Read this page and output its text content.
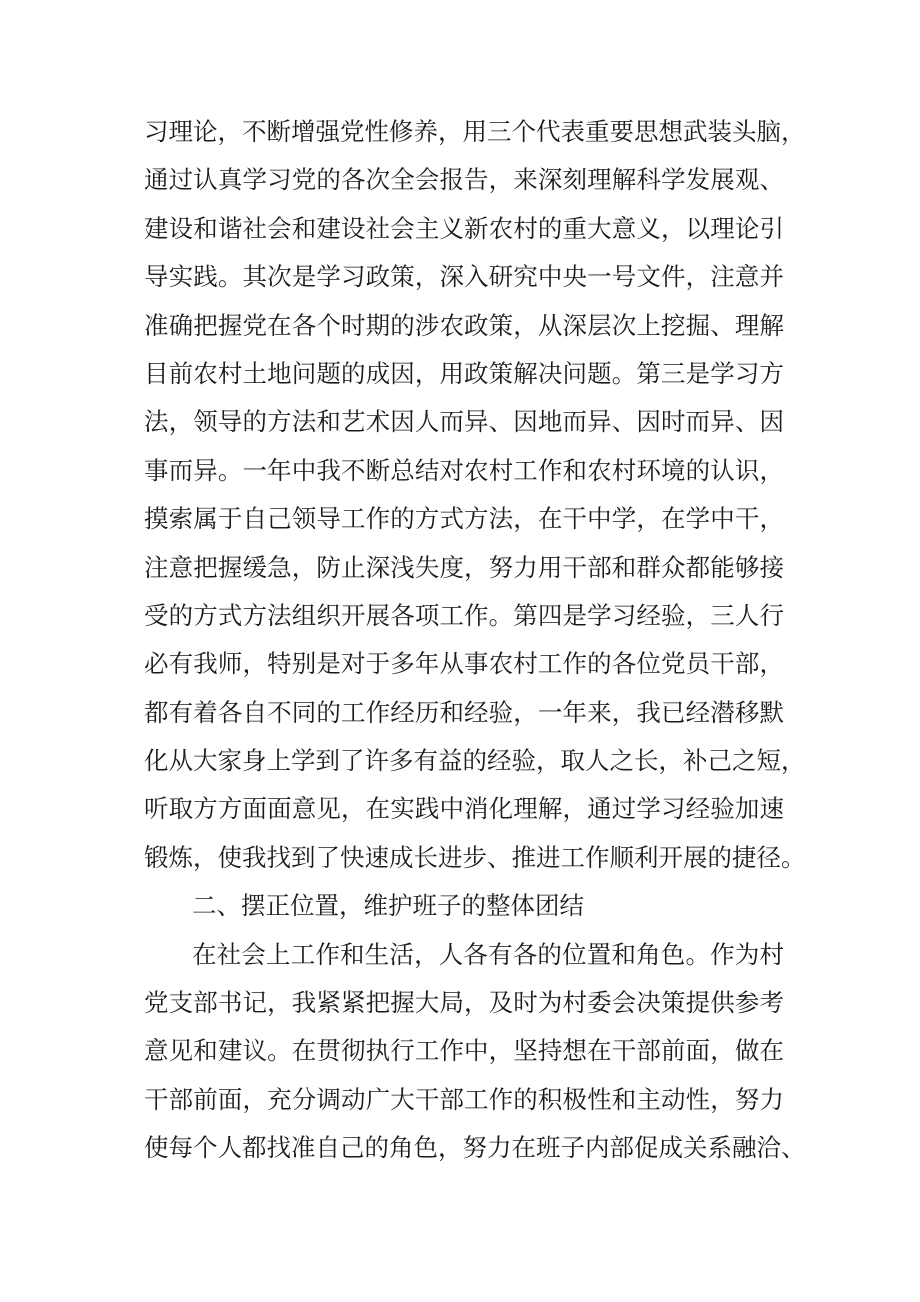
习理论，不断增强党性修养，用三个代表重要思想武装头脑，
通过认真学习党的各次全会报告，来深刻理解科学发展观、
建设和谐社会和建设社会主义新农村的重大意义，以理论引
导实践。其次是学习政策，深入研究中央一号文件，注意并
准确把握党在各个时期的涉农政策，从深层次上挖掘、理解
目前农村土地问题的成因，用政策解决问题。第三是学习方
法，领导的方法和艺术因人而异、因地而异、因时而异、因
事而异。一年中我不断总结对农村工作和农村环境的认识，
摸索属于自己领导工作的方式方法，在干中学，在学中干，
注意把握缓急，防止深浅失度，努力用干部和群众都能够接
受的方式方法组织开展各项工作。第四是学习经验，三人行
必有我师，特别是对于多年从事农村工作的各位党员干部，
都有着各自不同的工作经历和经验，一年来，我已经潜移默
化从大家身上学到了许多有益的经验，取人之长，补己之短，
听取方方面面意见，在实践中消化理解，通过学习经验加速
锻炼，使我找到了快速成长进步、推进工作顺利开展的捷径。
二、摆正位置，维护班子的整体团结
在社会上工作和生活，人各有各的位置和角色。作为村
党支部书记，我紧紧把握大局，及时为村委会决策提供参考
意见和建议。在贯彻执行工作中，坚持想在干部前面，做在
干部前面，充分调动广大干部工作的积极性和主动性，努力
使每个人都找准自己的角色，努力在班子内部促成关系融洽、
